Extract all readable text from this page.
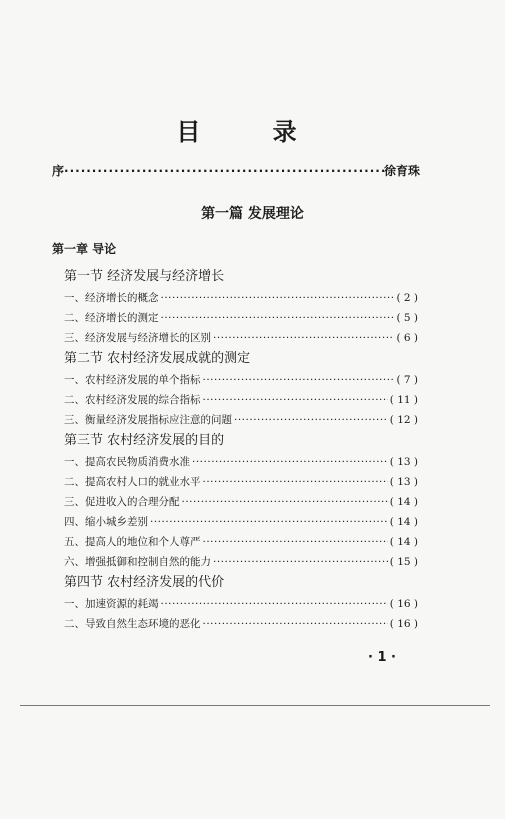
目 录
序 ·····	徐育珠
第一篇 发展理论
第一章 导论
第一节 经济发展与经济增长
一、经济增长的概念 ·····	( 2 )
二、经济增长的测定 ·····	( 5 )
三、经济发展与经济增长的区别 ·····	( 6 )
第二节 农村经济发展成就的测定
一、农村经济发展的单个指标 ·····	( 7 )
二、农村经济发展的综合指标 ·····	( 11 )
三、衡量经济发展指标应注意的问题 ·····	( 12 )
第三节 农村经济发展的目的
一、提高农民物质消费水准 ·····	( 13 )
二、提高农村人口的就业水平 ·····	( 13 )
三、促进收入的合理分配 ·····	( 14 )
四、缩小城乡差别 ·····	( 14 )
五、提高人的地位和个人尊严 ·····	( 14 )
六、增强抵御和控制自然的能力 ·····	( 15 )
第四节 农村经济发展的代价
一、加速资源的耗竭 ·····	( 16 )
二、导致自然生态环境的恶化 ·····	( 16 )
· 1 ·
